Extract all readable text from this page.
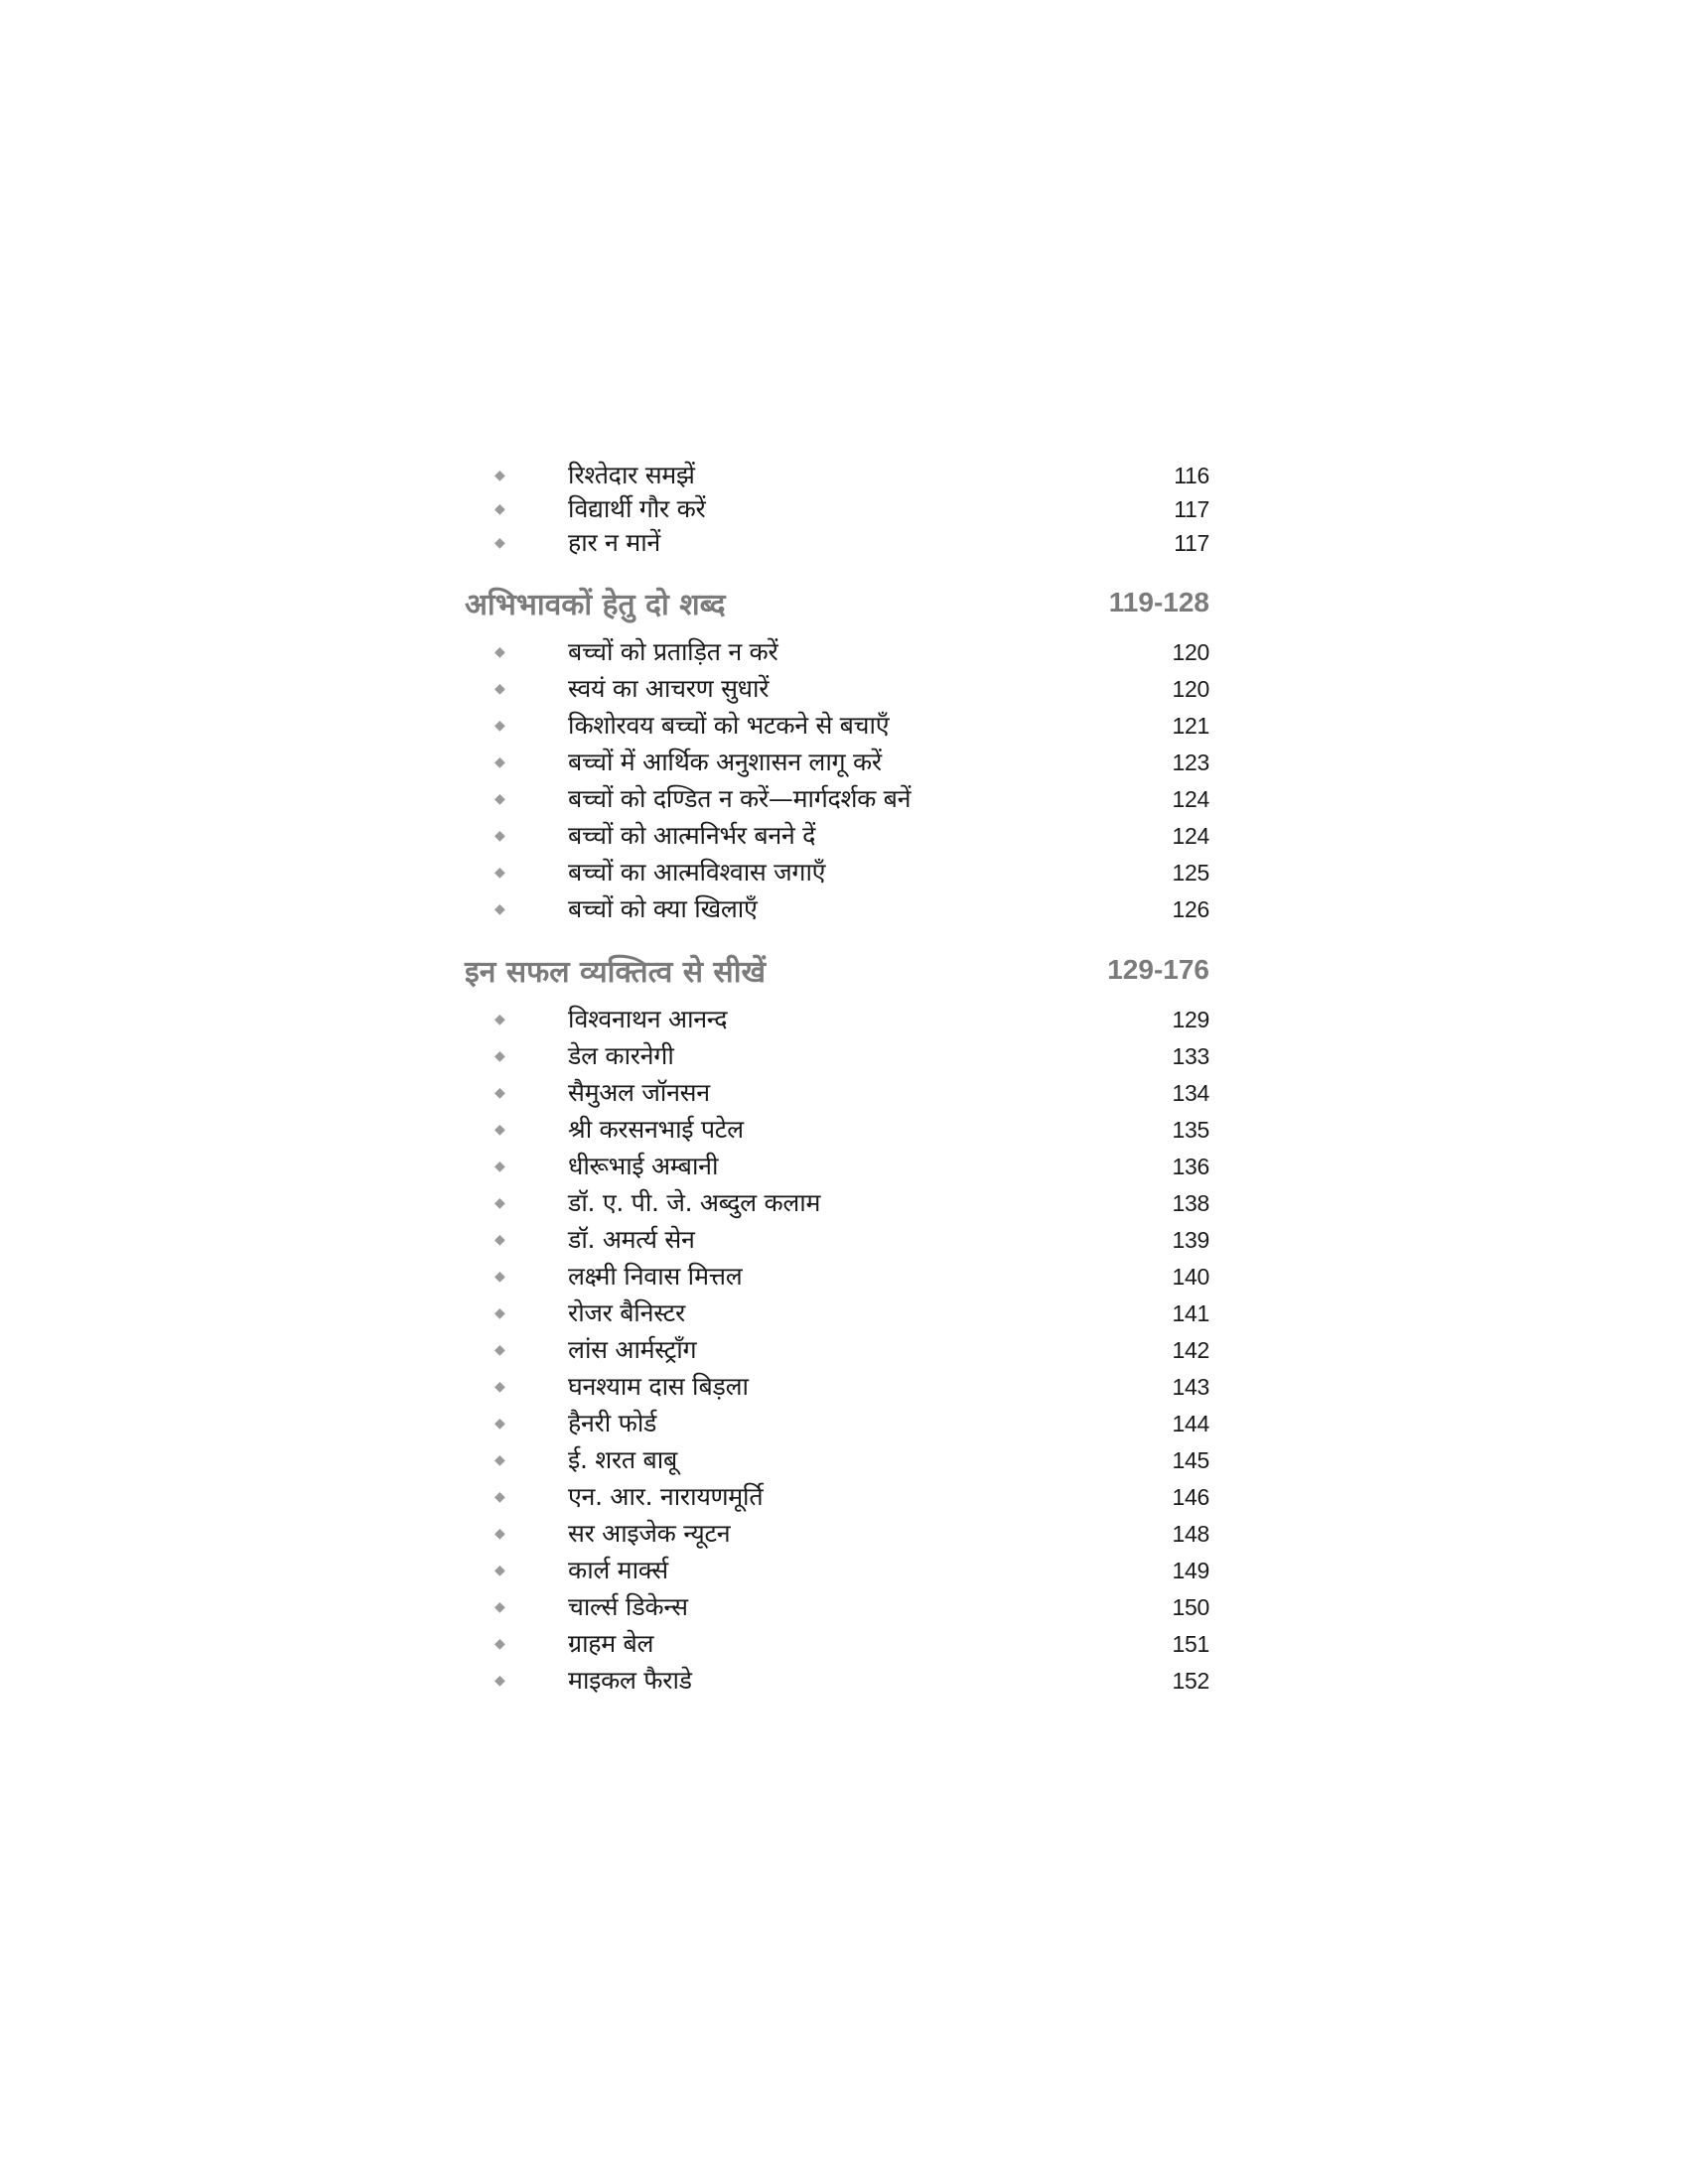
◆	रिश्तेदार समझें	116
◆	विद्यार्थी गौर करें	117
◆	हार न मानें	117
अभिभावकों हेतु दो शब्द	119-128
◆	बच्चों को प्रताड़ित न करें	120
◆	स्वयं का आचरण सुधारें	120
◆	किशोरवय बच्चों को भटकने से बचाएँ	121
◆	बच्चों में आर्थिक अनुशासन लागू करें	123
◆	बच्चों को दण्डित न करें—मार्गदर्शक बनें	124
◆	बच्चों को आत्मनिर्भर बनने दें	124
◆	बच्चों का आत्मविश्वास जगाएँ	125
◆	बच्चों को क्या खिलाएँ	126
इन सफल व्यक्तित्व से सीखें	129-176
◆	विश्वनाथन आनन्द	129
◆	डेल कारनेगी	133
◆	सैमुअल जॉनसन	134
◆	श्री करसनभाई पटेल	135
◆	धीरूभाई अम्बानी	136
◆	डॉ. ए. पी. जे. अब्दुल कलाम	138
◆	डॉ. अमर्त्य सेन	139
◆	लक्ष्मी निवास मित्तल	140
◆	रोजर बैनिस्टर	141
◆	लांस आर्मस्ट्राँग	142
◆	घनश्याम दास बिड़ला	143
◆	हैनरी फोर्ड	144
◆	ई. शरत बाबू	145
◆	एन. आर. नारायणमूर्ति	146
◆	सर आइजेक न्यूटन	148
◆	कार्ल मार्क्स	149
◆	चार्ल्स डिकेन्स	150
◆	ग्राहम बेल	151
◆	माइकल फैराडे	152
